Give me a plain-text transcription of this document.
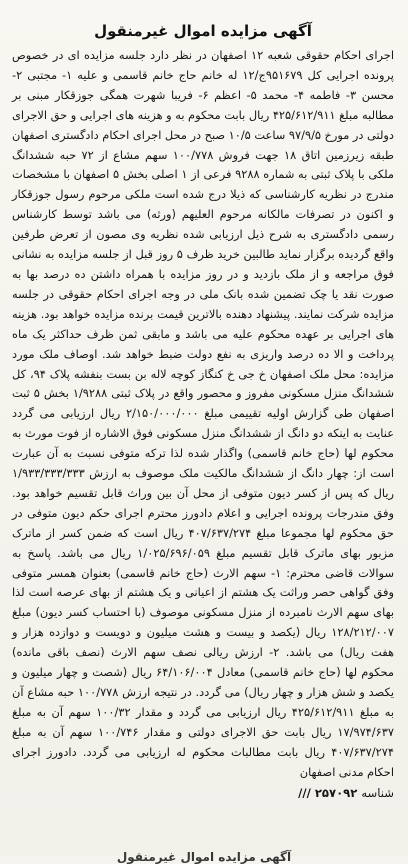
آگهی مزایده اموال غیرمنقول

اجرای احکام حقوقی شعبه ۱۲ اصفهان در نظر دارد جلسه مزایده ای در خصوص پرونده اجرایی کل ۹۵۱۶۷۹ج/۱۲ له خانم حاج خانم قاسمی و علیه ۱- مجتبی ۲- محسن ۳- فاطمه ۴- محمد ۵- اعظم ۶- فریبا شهرت همگی جوزقکار مبنی بر مطالبه مبلغ ۴۲۵/۶۱۲/۹۱۱ ریال بابت محکوم به و هزینه های اجرایی و حق الاجرای دولتی در مورخ ۹۷/۹/۵ ساعت ۱۰/۵ صبح در محل اجرای احکام دادگستری اصفهان طبقه زیرزمین اتاق ۱۸ جهت فروش ۱۰۰/۷۷۸ سهم مشاع از ۷۲ حبه ششدانگ ملکی با پلاک ثبتی به شماره ۹۲۸۸ فرعی از ۱ اصلی بخش ۵ اصفهان با مشخصات مندرج در نظریه کارشناسی که ذیلا درج شده است ملکی مرحوم رسول جوزقکار و اکنون در تصرفات مالکانه مرحوم العلیهم (ورثه) می باشد توسط کارشناس رسمی دادگستری به شرح ذیل ارزیابی شده نظریه وی مصون از تعرض طرفین واقع گردیده برگزار نماید طالبین خرید ظرف ۵ روز قبل از جلسه مزایده به نشانی فوق مراجعه و از ملک بازدید و در روز مزایده با همراه داشتن ده درصد بها به صورت نقد یا چک تضمین شده بانک ملی در وجه اجرای احکام حقوقی در جلسه مزایده شرکت نمایند. پیشنهاد دهنده بالاترین قیمت برنده مزایده خواهد بود. هزینه های اجرایی بر عهده محکوم علیه می باشد و مابقی ثمن ظرف حداکثر یک ماه پرداخت و الا ده درصد واریزی به نفع دولت ضبط خواهد شد. اوصاف ملک مورد مزایده: محل ملک اصفهان خ جی خ کنگاز کوچه لاله بن بست بنفشه پلاک ۹۴، کل ششدانگ منزل مسکونی مفروز و محصور واقع در پلاک ثبتی ۱/۹۲۸۸ بخش ۵ ثبت اصفهان طی گزارش اولیه تقییمی مبلغ ۲/۱۵۰/۰۰۰/۰۰۰ ریال ارزیابی می گردد عنایت به اینکه دو دانگ از ششدانگ منزل مسکونی فوق الاشاره از فوت مورث به محکوم لها (حاج خانم قاسمی) واگذار شده لذا ترکه متوفی نسبت به آن عبارت است از: چهار دانگ از ششدانگ مالکیت ملک موصوف به ارزش ۱/۹۳۳/۳۳۳/۳۳۳ ریال که پس از کسر دیون متوفی از محل آن بین وراث قابل تقسیم خواهد بود. وفق مندرجات پرونده اجرایی و اعلام دادورز محترم اجرای حکم دیون متوفی در حق محکوم لها مجموعا مبلغ ۴۰۷/۶۳۷/۲۷۴ ریال است که ضمن کسر از ماترک مزبور بهای ماترک قابل تقسیم مبلغ ۱/۰۲۵/۶۹۶/۰۵۹ ریال می باشد. پاسخ به سوالات قاضی محترم: ۱- سهم الارث (حاج خانم قاسمی) بعنوان همسر متوفی وفق گواهی حصر وراثت یک هشتم از اعیانی و یک هشتم از بهای عرصه است لذا بهای سهم الارث نامبرده از منزل مسکونی موصوف (با احتساب کسر دیون) مبلغ ۱۲۸/۲۱۲/۰۰۷ ریال (یکصد و بیست و هشت میلیون و دویست و دوازده هزار و هفت ریال) می باشد. ۲- ارزش ریالی نصف سهم الارث (نصف باقی مانده) محکوم لها (حاج خانم قاسمی) معادل ۶۴/۱۰۶/۰۰۴ ریال (شصت و چهار میلیون و یکصد و شش هزار و چهار ریال) می گردد. در نتیجه ارزش ۱۰۰/۷۷۸ حبه مشاع آن به مبلغ ۴۲۵/۶۱۲/۹۱۱ ریال ارزیابی می گردد و مقدار ۱۰۰/۳۲ سهم آن به مبلغ ۱۷/۹۷۴/۶۳۷ ریال بابت حق الاجرای دولتی و مقدار ۱۰۰/۷۴۶ سهم آن به مبلغ ۴۰۷/۶۳۷/۲۷۴ ریال بابت مطالبات محکوم له ارزیابی می گردد. دادورز اجرای احکام مدنی اصفهان

شناسه
۲۵۷۰۹۲
///
آگهی مزایده اموال غیرمنقول
